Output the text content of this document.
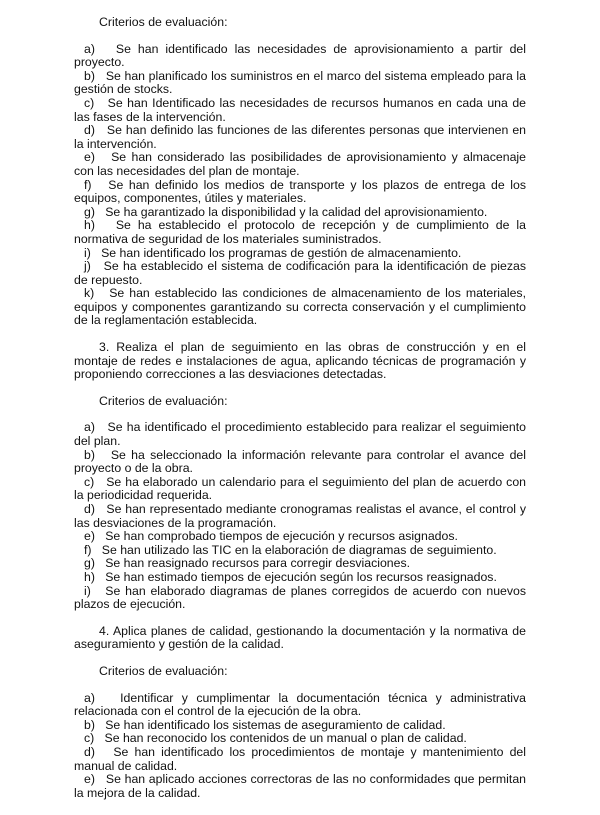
Criterios de evaluación:

a) Se han identificado las necesidades de aprovisionamiento a partir del proyecto.

b) Se han planificado los suministros en el marco del sistema empleado para la gestión de stocks.

c) Se han Identificado las necesidades de recursos humanos en cada una de las fases de la intervención.

d) Se han definido las funciones de las diferentes personas que intervienen en la intervención.

e) Se han considerado las posibilidades de aprovisionamiento y almacenaje con las necesidades del plan de montaje.

f) Se han definido los medios de transporte y los plazos de entrega de los equipos, componentes, útiles y materiales.

g) Se ha garantizado la disponibilidad y la calidad del aprovisionamiento.

h) Se ha establecido el protocolo de recepción y de cumplimiento de la normativa de seguridad de los materiales suministrados.

i) Se han identificado los programas de gestión de almacenamiento.

j) Se ha establecido el sistema de codificación para la identificación de piezas de repuesto.

k) Se han establecido las condiciones de almacenamiento de los materiales, equipos y componentes garantizando su correcta conservación y el cumplimiento de la reglamentación establecida.

3. Realiza el plan de seguimiento en las obras de construcción y en el montaje de redes e instalaciones de agua, aplicando técnicas de programación y proponiendo correcciones a las desviaciones detectadas.

Criterios de evaluación:

a) Se ha identificado el procedimiento establecido para realizar el seguimiento del plan.

b) Se ha seleccionado la información relevante para controlar el avance del proyecto o de la obra.

c) Se ha elaborado un calendario para el seguimiento del plan de acuerdo con la periodicidad requerida.

d) Se han representado mediante cronogramas realistas el avance, el control y las desviaciones de la programación.

e) Se han comprobado tiempos de ejecución y recursos asignados.

f) Se han utilizado las TIC en la elaboración de diagramas de seguimiento.

g) Se han reasignado recursos para corregir desviaciones.

h) Se han estimado tiempos de ejecución según los recursos reasignados.

i) Se han elaborado diagramas de planes corregidos de acuerdo con nuevos plazos de ejecución.

4. Aplica planes de calidad, gestionando la documentación y la normativa de aseguramiento y gestión de la calidad.

Criterios de evaluación:

a) Identificar y cumplimentar la documentación técnica y administrativa relacionada con el control de la ejecución de la obra.

b) Se han identificado los sistemas de aseguramiento de calidad.

c) Se han reconocido los contenidos de un manual o plan de calidad.

d) Se han identificado los procedimientos de montaje y mantenimiento del manual de calidad.

e) Se han aplicado acciones correctoras de las no conformidades que permitan la mejora de la calidad.
